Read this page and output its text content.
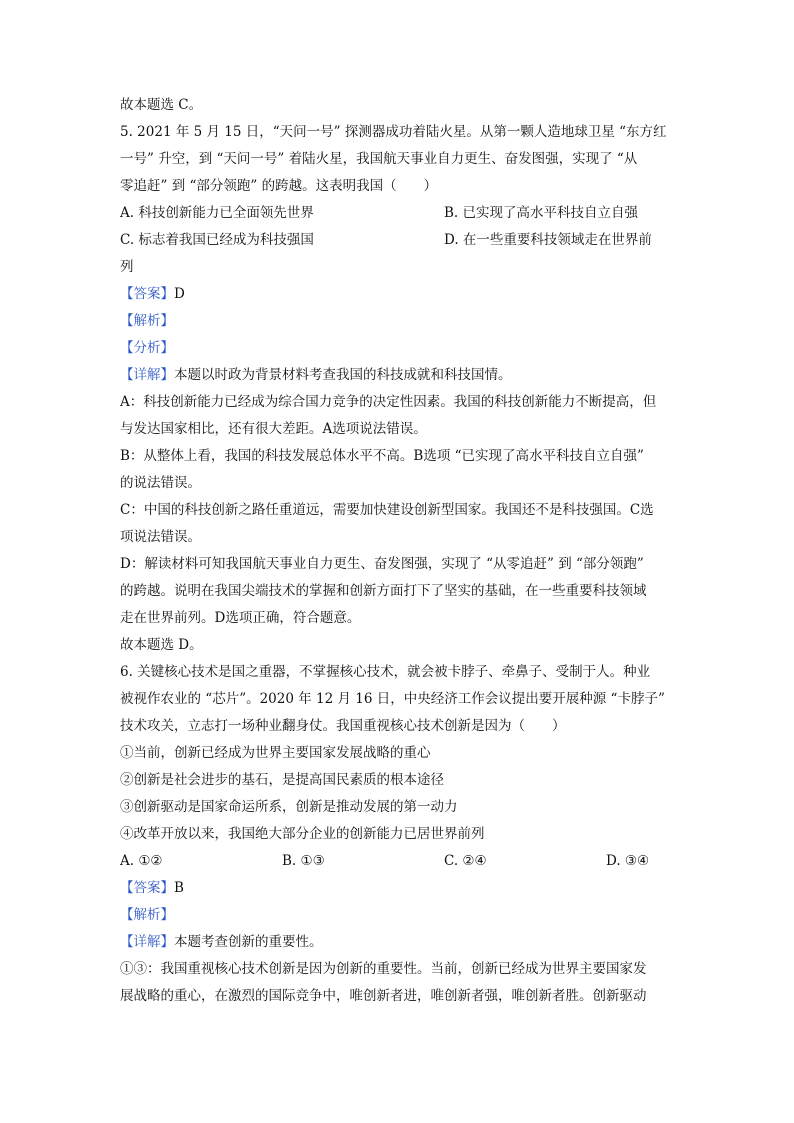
故本题选 C。
5. 2021 年 5 月 15 日，“天问一号” 探测器成功着陆火星。从第一颗人造地球卫星 “东方红
一号” 升空，到 “天问一号” 着陆火星，我国航天事业自力更生、奋发图强，实现了 “从
零追赶” 到 “部分领跑” 的跨越。这表明我国（　　）
A. 科技创新能力已全面领先世界	B. 已实现了高水平科技自立自强
C. 标志着我国已经成为科技强国	D. 在一些重要科技领域走在世界前
列
【答案】D
【解析】
【分析】
【详解】本题以时政为背景材料考查我国的科技成就和科技国情。
A：科技创新能力已经成为综合国力竞争的决定性因素。我国的科技创新能力不断提高，但
与发达国家相比，还有很大差距。A选项说法错误。
B：从整体上看，我国的科技发展总体水平不高。B选项 “已实现了高水平科技自立自强”
的说法错误。
C：中国的科技创新之路任重道远，需要加快建设创新型国家。我国还不是科技强国。C选
项说法错误。
D：解读材料可知我国航天事业自力更生、奋发图强，实现了 “从零追赶” 到 “部分领跑”
的跨越。说明在我国尖端技术的掌握和创新方面打下了坚实的基础，在一些重要科技领域
走在世界前列。D选项正确，符合题意。
故本题选 D。
6. 关键核心技术是国之重器，不掌握核心技术，就会被卡脖子、牵鼻子、受制于人。种业
被视作农业的 “芯片”。2020 年 12 月 16 日，中央经济工作会议提出要开展种源 “卡脖子”
技术攻关，立志打一场种业翻身仗。我国重视核心技术创新是因为（　　）
①当前，创新已经成为世界主要国家发展战略的重心
②创新是社会进步的基石，是提高国民素质的根本途径
③创新驱动是国家命运所系，创新是推动发展的第一动力
④改革开放以来，我国绝大部分企业的创新能力已居世界前列
A. ①②	B. ①③	C. ②④	D. ③④
【答案】B
【解析】
【详解】本题考查创新的重要性。
①③：我国重视核心技术创新是因为创新的重要性。当前，创新已经成为世界主要国家发
展战略的重心，在激烈的国际竞争中，唯创新者进，唯创新者强，唯创新者胜。创新驱动
